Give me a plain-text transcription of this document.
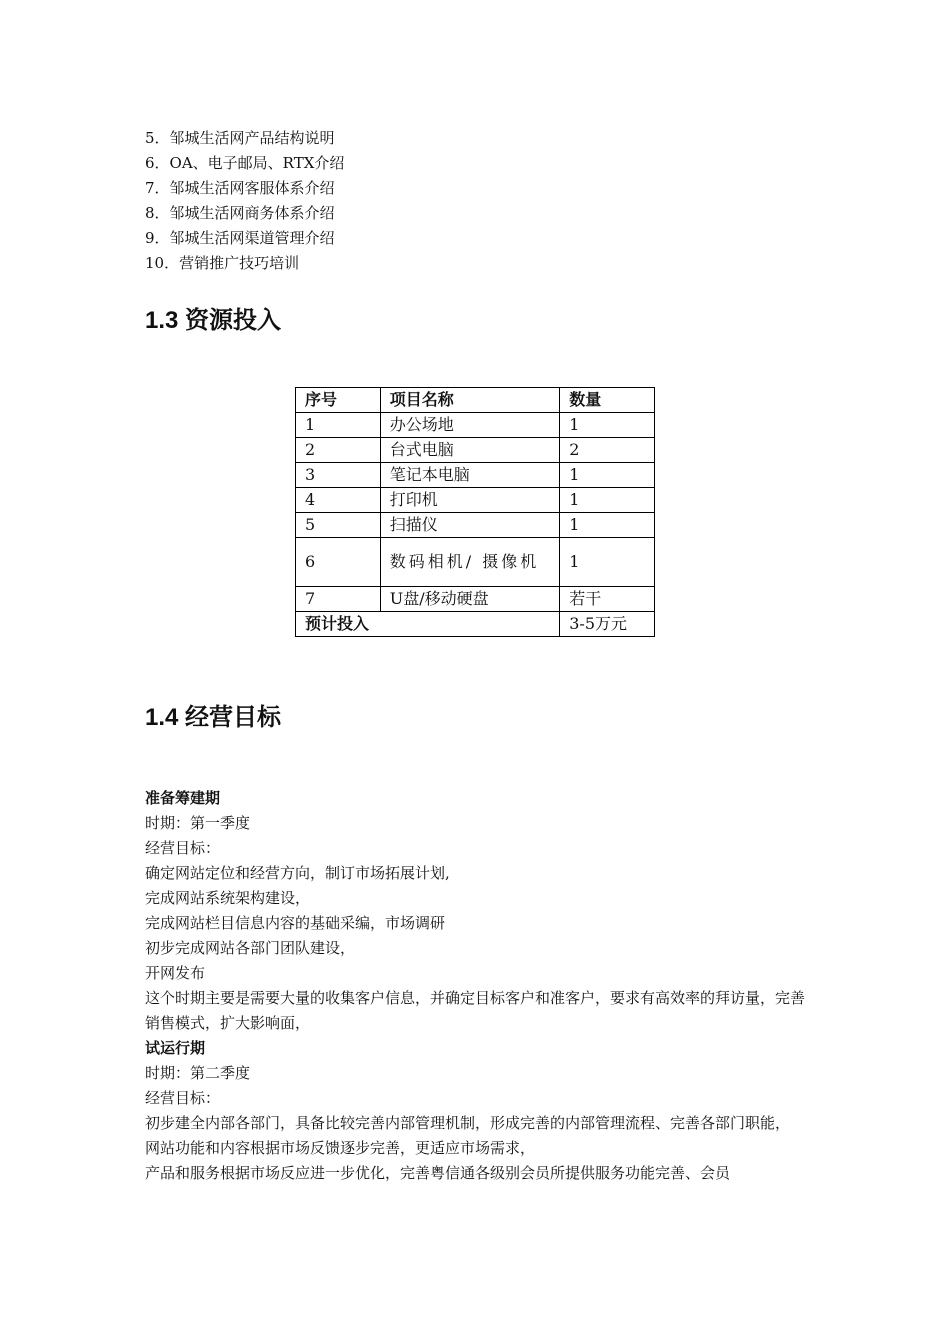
5．邹城生活网产品结构说明
6．OA、电子邮局、RTX介绍
7．邹城生活网客服体系介绍
8．邹城生活网商务体系介绍
9．邹城生活网渠道管理介绍
10．营销推广技巧培训
1.3 资源投入
序号	项目名称	数量
1	办公场地	1
2	台式电脑	2
3	笔记本电脑	1
4	打印机	1
5	扫描仪	1
6	数码相机/ 摄像机	1
7	U盘/移动硬盘	若干
预计投入		3-5万元
1.4 经营目标

准备筹建期

时期：第一季度

经营目标：

确定网站定位和经营方向，制订市场拓展计划,

完成网站系统架构建设，

完成网站栏目信息内容的基础采编，市场调研

初步完成网站各部门团队建设，

开网发布

这个时期主要是需要大量的收集客户信息，并确定目标客户和准客户，要求有高效率的拜访量，完善销售模式，扩大影响面，

试运行期

时期：第二季度

经营目标：

初步建全内部各部门，具备比较完善内部管理机制，形成完善的内部管理流程、完善各部门职能，

网站功能和内容根据市场反馈逐步完善，更适应市场需求，

产品和服务根据市场反应进一步优化，完善粤信通各级别会员所提供服务功能完善、会员
